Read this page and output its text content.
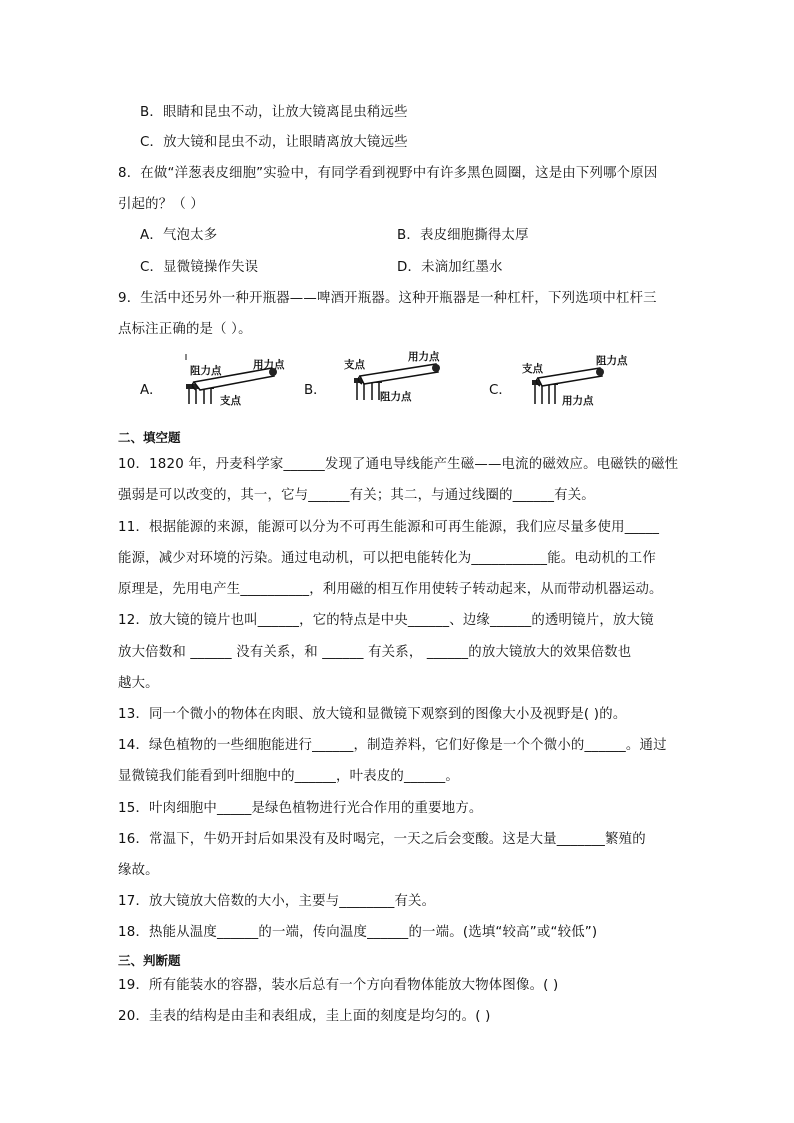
B．眼睛和昆虫不动，让放大镜离昆虫稍远些
C．放大镜和昆虫不动，让眼睛离放大镜远些
8．在做“洋葱表皮细胞”实验中，有同学看到视野中有许多黑色圆圈，这是由下列哪个原因
引起的？（ ）
A．气泡太多	B．表皮细胞撕得太厚
C．显微镜操作失误	D．未滴加红墨水
9．生活中还另外一种开瓶器——啤酒开瓶器。这种开瓶器是一种杠杆，下列选项中杠杆三
点标注正确的是（ ）。
A．
阻力点	用力点
支点
B．
支点
用力点
阻力点	C．
支点
阻力点
用力点
二、填空题
10．1820 年，丹麦科学家______发现了通电导线能产生磁——电流的磁效应。电磁铁的磁性
强弱是可以改变的，其一，它与______有关；其二，与通过线圈的______有关。
11．根据能源的来源，能源可以分为不可再生能源和可再生能源，我们应尽量多使用_____
能源，减少对环境的污染。通过电动机，可以把电能转化为___________能。电动机的工作
原理是，先用电产生__________，利用磁的相互作用使转子转动起来，从而带动机器运动。
12．放大镜的镜片也叫______，它的特点是中央______、边缘______的透明镜片，放大镜
放大倍数和 ______ 没有关系，和 ______ 有关系， ______的放大镜放大的效果倍数也
越大。
13．同一个微小的物体在肉眼、放大镜和显微镜下观察到的图像大小及视野是( )的。
14．绿色植物的一些细胞能进行______，制造养料，它们好像是一个个微小的______。通过
显微镜我们能看到叶细胞中的______，叶表皮的______。
15．叶肉细胞中_____是绿色植物进行光合作用的重要地方。
16．常温下，牛奶开封后如果没有及时喝完，一天之后会变酸。这是大量_______繁殖的
缘故。
17．放大镜放大倍数的大小，主要与________有关。
18．热能从温度______的一端，传向温度______的一端。(选填“较高”或“较低”)
三、判断题
19．所有能装水的容器，装水后总有一个方向看物体能放大物体图像。( )
20．圭表的结构是由圭和表组成，圭上面的刻度是均匀的。( )
